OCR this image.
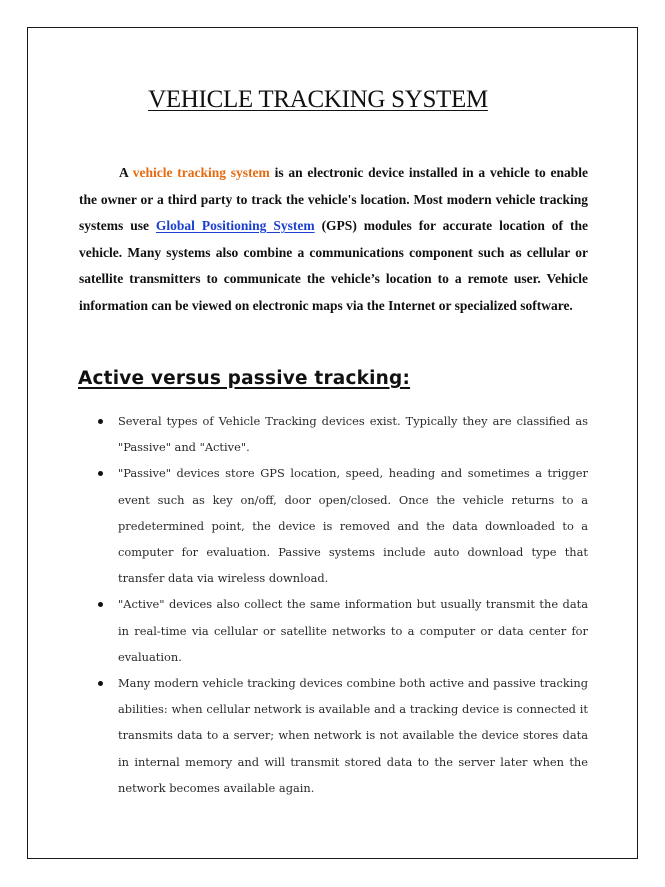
VEHICLE TRACKING SYSTEM

A vehicle tracking system is an electronic device installed in a vehicle to enable the owner or a third party to track the vehicle's location. Most modern vehicle tracking systems use Global Positioning System (GPS) modules for accurate location of the vehicle. Many systems also combine a communications component such as cellular or satellite transmitters to communicate the vehicle’s location to a remote user. Vehicle information can be viewed on electronic maps via the Internet or specialized software.

Active versus passive tracking:
Several types of Vehicle Tracking devices exist. Typically they are classified as "Passive" and "Active".
"Passive" devices store GPS location, speed, heading and sometimes a trigger event such as key on/off, door open/closed. Once the vehicle returns to a predetermined point, the device is removed and the data downloaded to a computer for evaluation. Passive systems include auto download type that transfer data via wireless download.
"Active" devices also collect the same information but usually transmit the data in real-time via cellular or satellite networks to a computer or data center for evaluation.
Many modern vehicle tracking devices combine both active and passive tracking abilities: when cellular network is available and a tracking device is connected it transmits data to a server; when network is not available the device stores data in internal memory and will transmit stored data to the server later when the network becomes available again.
